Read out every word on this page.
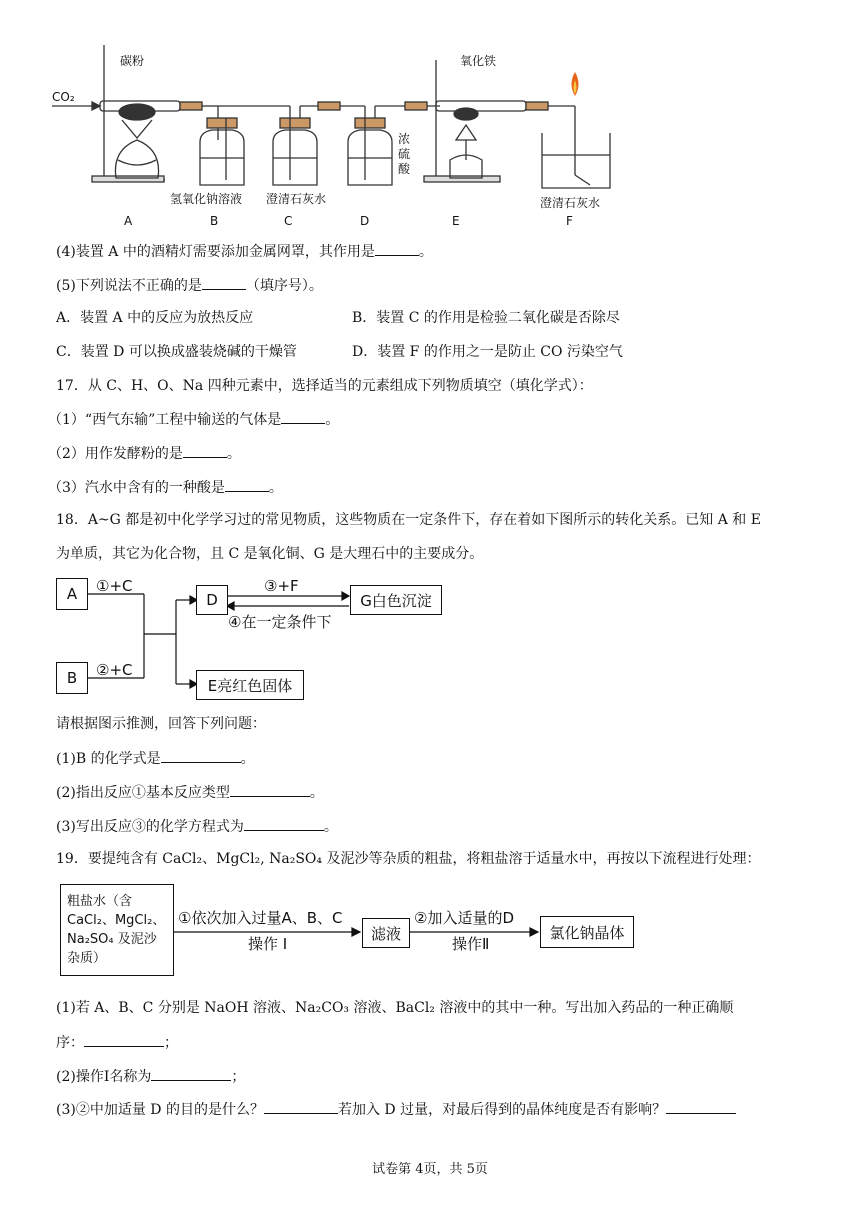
CO₂
碳粉	氧化铁
浓
硫
酸
氢氧化钠溶液 澄清石灰水	澄清石灰水
A	B	C	D	E	F
(4)装置 A 中的酒精灯需要添加金属网罩，其作用是	。
(5)下列说法不正确的是	（填序号）。
A．装置 A 中的反应为放热反应	B．装置 C 的作用是检验二氧化碳是否除尽
C．装置 D 可以换成盛装烧碱的干燥管	D．装置 F 的作用之一是防止 CO 污染空气
17．从 C、H、O、Na 四种元素中，选择适当的元素组成下列物质填空（填化学式）：
（1）“西气东输”工程中输送的气体是	。
（2）用作发酵粉的是	。
（3）汽水中含有的一种酸是	。
18．A~G 都是初中化学学习过的常见物质，这些物质在一定条件下，存在着如下图所示的转化关系。已知 A 和 E
为单质，其它为化合物，且 C 是氧化铜、G 是大理石中的主要成分。
A
B
D	G白色沉淀
E亮红色固体
①+C
②+C
③+F
④在一定条件下
请根据图示推测，回答下列问题：
(1)B 的化学式是	。
(2)指出反应①基本反应类型	。
(3)写出反应③的化学方程式为	。
19．要提纯含有 CaCl₂、MgCl₂, Na₂SO₄ 及泥沙等杂质的粗盐，将粗盐溶于适量水中，再按以下流程进行处理：
粗盐水（含
CaCl₂、MgCl₂、
Na₂SO₄ 及泥沙
杂质）
①依次加入过量A、B、C
操作 I
滤液
②加入适量的D
操作Ⅱ
氯化钠晶体
(1)若 A、B、C 分别是 NaOH 溶液、Na₂CO₃ 溶液、BaCl₂ 溶液中的其中一种。写出加入药品的一种正确顺
序：	；
(2)操作Ⅰ名称为	；
(3)②中加适量 D 的目的是什么？	若加入 D 过量，对最后得到的晶体纯度是否有影响？
试卷第 4页，共 5页
